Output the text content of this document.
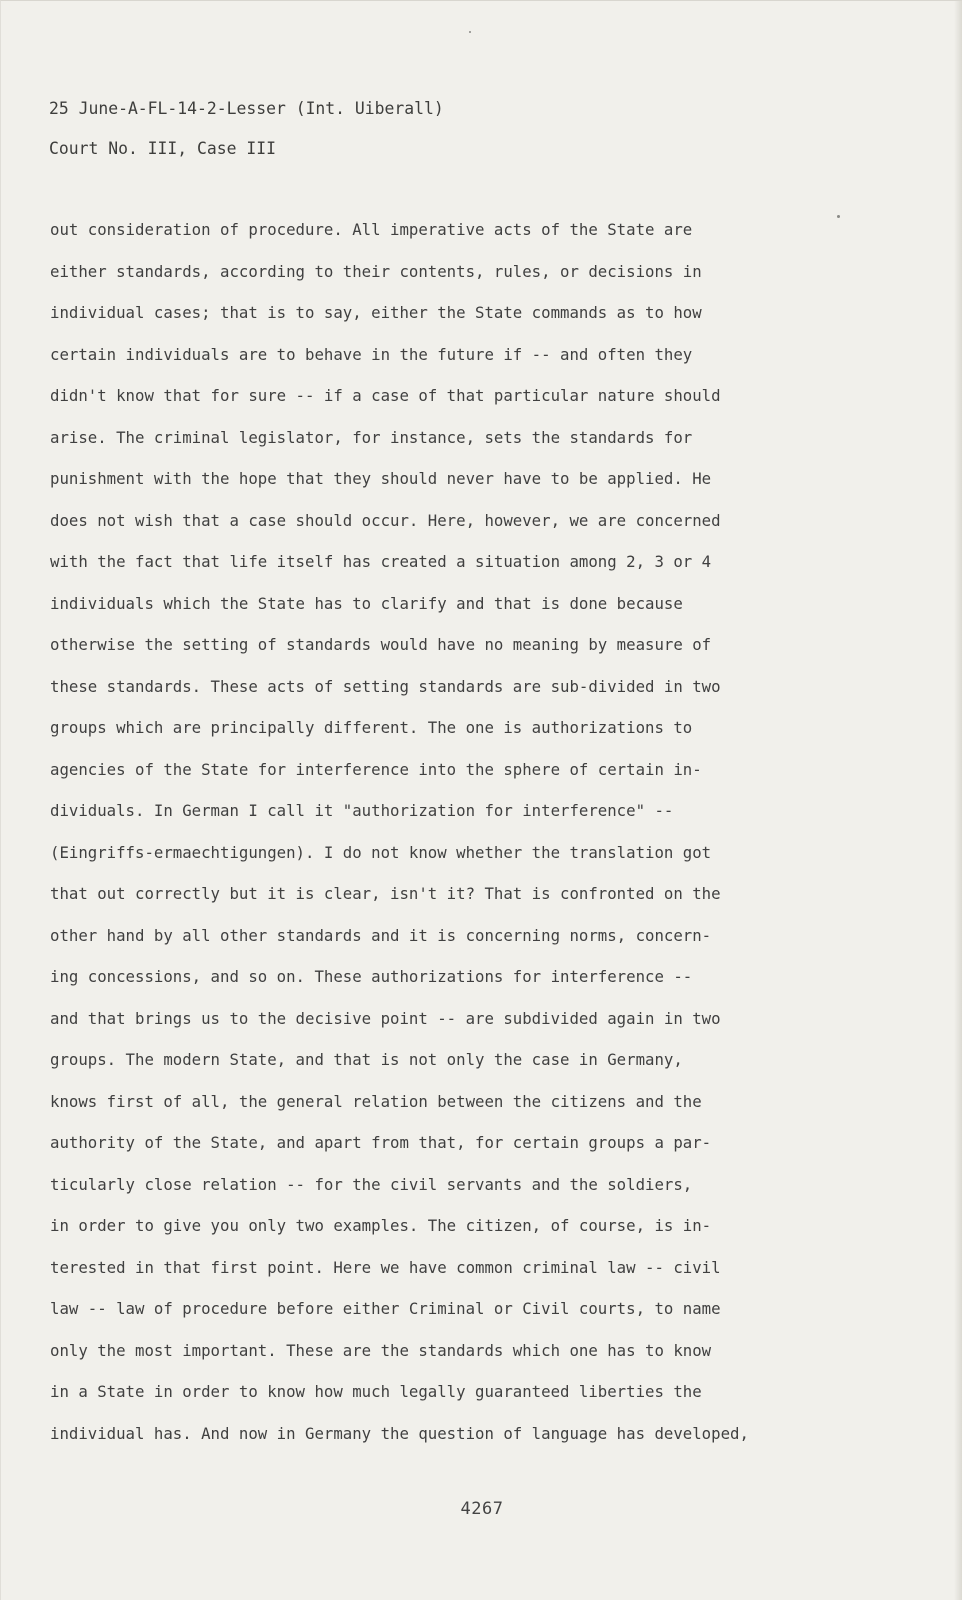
25 June-A-FL-14-2-Lesser (Int. Uiberall)
Court No. III, Case III
out consideration of procedure. All imperative acts of the State are
either standards, according to their contents, rules, or decisions in
individual cases; that is to say, either the State commands as to how
certain individuals are to behave in the future if -- and often they
didn't know that for sure -- if a case of that particular nature should
arise. The criminal legislator, for instance, sets the standards for
punishment with the hope that they should never have to be applied. He
does not wish that a case should occur. Here, however, we are concerned
with the fact that life itself has created a situation among 2, 3 or 4
individuals which the State has to clarify and that is done because
otherwise the setting of standards would have no meaning by measure of
these standards. These acts of setting standards are sub-divided in two
groups which are principally different. The one is authorizations to
agencies of the State for interference into the sphere of certain in-
dividuals. In German I call it "authorization for interference" --
(Eingriffs-ermaechtigungen). I do not know whether the translation got
that out correctly but it is clear, isn't it? That is confronted on the
other hand by all other standards and it is concerning norms, concern-
ing concessions, and so on. These authorizations for interference --
and that brings us to the decisive point -- are subdivided again in two
groups. The modern State, and that is not only the case in Germany,
knows first of all, the general relation between the citizens and the
authority of the State, and apart from that, for certain groups a par-
ticularly close relation -- for the civil servants and the soldiers,
in order to give you only two examples. The citizen, of course, is in-
terested in that first point. Here we have common criminal law -- civil
law -- law of procedure before either Criminal or Civil courts, to name
only the most important. These are the standards which one has to know
in a State in order to know how much legally guaranteed liberties the
individual has. And now in Germany the question of language has developed,
4267
